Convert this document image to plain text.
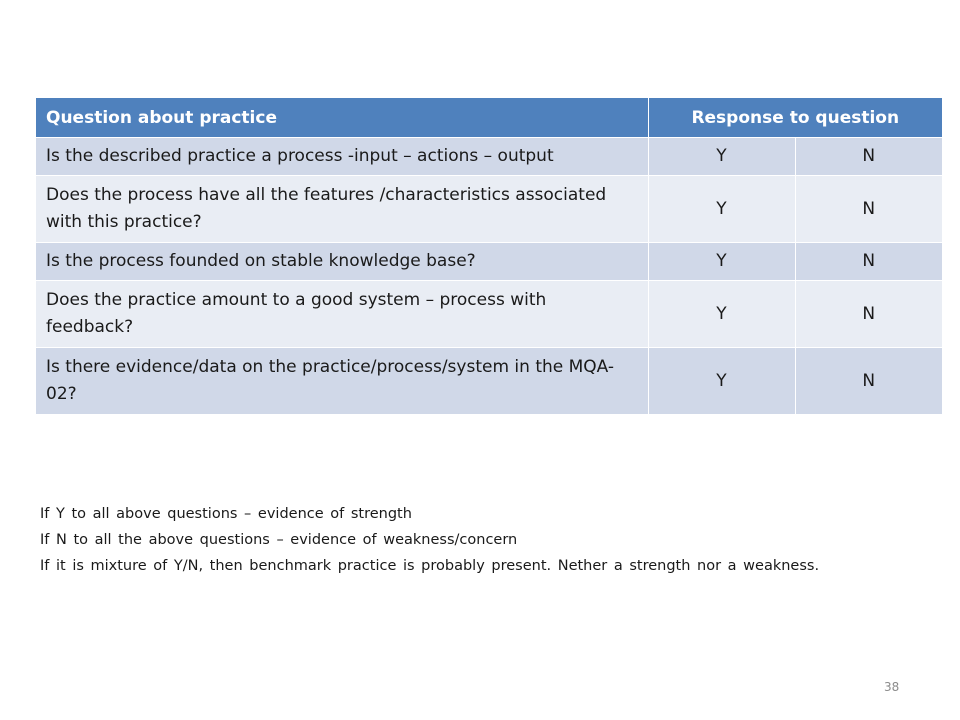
Question about practice	Response to question	
Is the described practice a process -input – actions – output	Y	N
Does the process have all the features /characteristics associated with this practice?	Y	N
Is the process founded on stable knowledge base?	Y	N
Does the practice amount to a good system – process with feedback?	Y	N
Is there evidence/data on the practice/process/system in the MQA-02?	Y	N

If Y to all above questions – evidence of strength

If N to all the above questions – evidence of weakness/concern

If it is mixture of Y/N, then benchmark practice is probably present. Nether a strength nor a weakness.

38
